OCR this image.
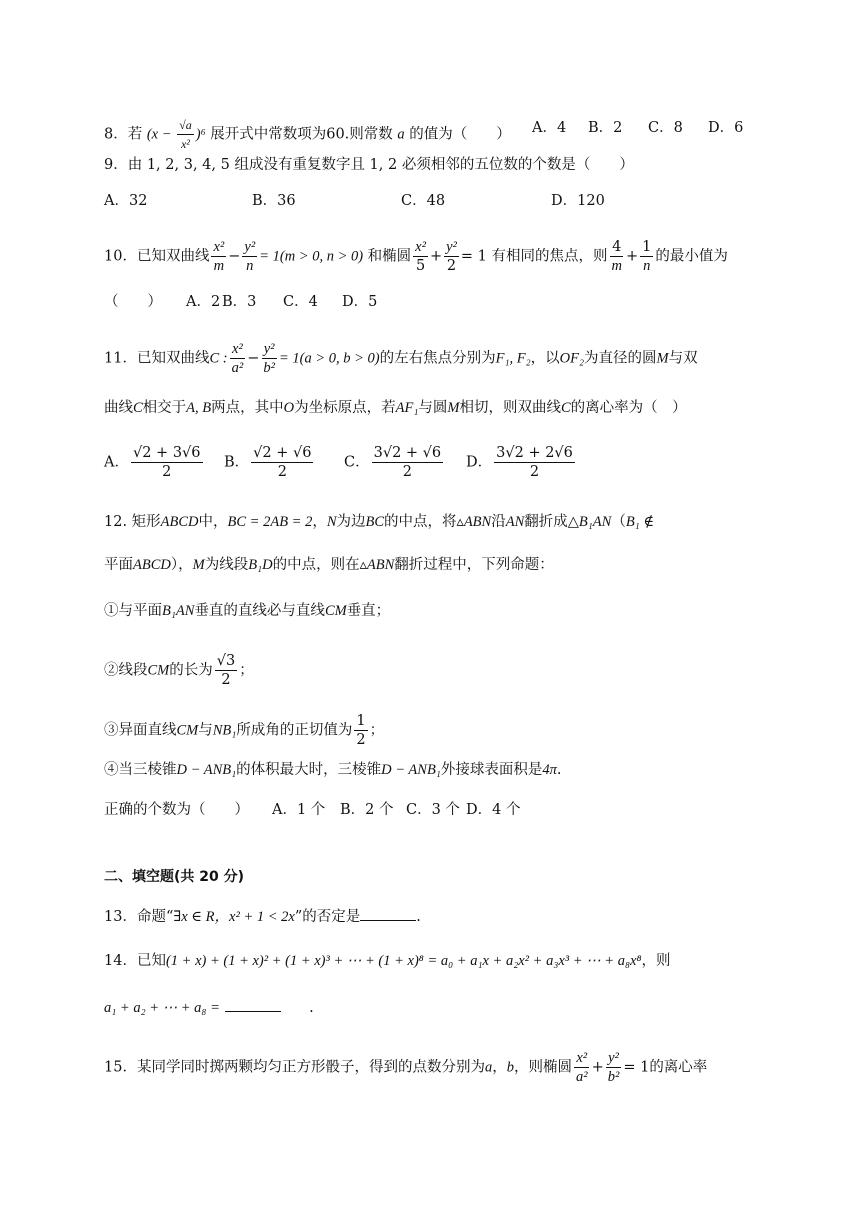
8．若 $(x - \frac{√a}{\text{x²}} )^6$ 展开式中常数项为60.则常数 a 的值为（　　） A．4 B．2 C．8 D．6
9．由 1, 2, 3, 4, 5 组成没有重复数字且 1, 2 必须相邻的五位数的个数是（　　）
A．32	B．36	C．48	D．120
10．已知双曲线 $\frac{\text{x²}}{m} - \frac{\text{y²}}{n} = 1(m > 0$, n > 0) 和椭圆 $\frac{\text{x²}}{5} + \frac{\text{y²}}{2} = 1$ 有相同的焦点，则 $\frac{4}{m} + \frac{1}{n}$ 的最小值为
（　　） A．2 B．3 C．4 D．5
11．已知双曲线C : $\frac{\text{x²}}{\text{a²}} - \frac{\text{y²}}{\text{b²}} = 1(a > 0$, b > 0)的左右焦点分别为F₁, F₂，以OF₂为直径的圆M与双
曲线C相交于A, B两点，其中O为坐标原点，若AF₁与圆M相切，则双曲线C的离心率为（　）
A． $\frac{√2 + 3√6}{2}$ B． $\frac{√2 + √6}{2}$ C． $\frac{3√2 + √6}{2}$ D． $\frac{3√2 + 2√6}{2}$
12. 矩形ABCD中，BC = 2AB = 2，N为边BC的中点，将▵ABN沿AN翻折成△B₁AN（B₁ ∉
平面ABCD），M为线段B₁D的中点，则在▵ABN翻折过程中，下列命题：
①与平面B₁AN垂直的直线必与直线CM垂直；
②线段CM的长为 $\frac{√3}{2}$ ；
③异面直线CM与NB₁所成角的正切值为 $\frac{1}{2}$ ；
④当三棱锥D − ANB₁的体积最大时，三棱锥D − ANB₁外接球表面积是4π.
正确的个数为（　　） A．1 个 B．2 个 C．3 个 D．4 个
二、填空题(共 20 分)
13．命题“∃x ∈ R，x² + 1 < 2x”的否定是	.
14．已知(1 + x) + (1 + x)² + (1 + x)³ + ⋯ + (1 + x)⁸ = a₀ + a₁x + a₂x² + a₃x³ + ⋯ + a₈x⁸，则
a₁ + a₂ + ⋯ + a₈ =	.
15．某同学同时掷两颗均匀正方形骰子，得到的点数分别为a，b，则椭圆 $\frac{\text{x²}}{\text{a²}} + \frac{\text{y²}}{\text{b²}} = 1$的离心率
